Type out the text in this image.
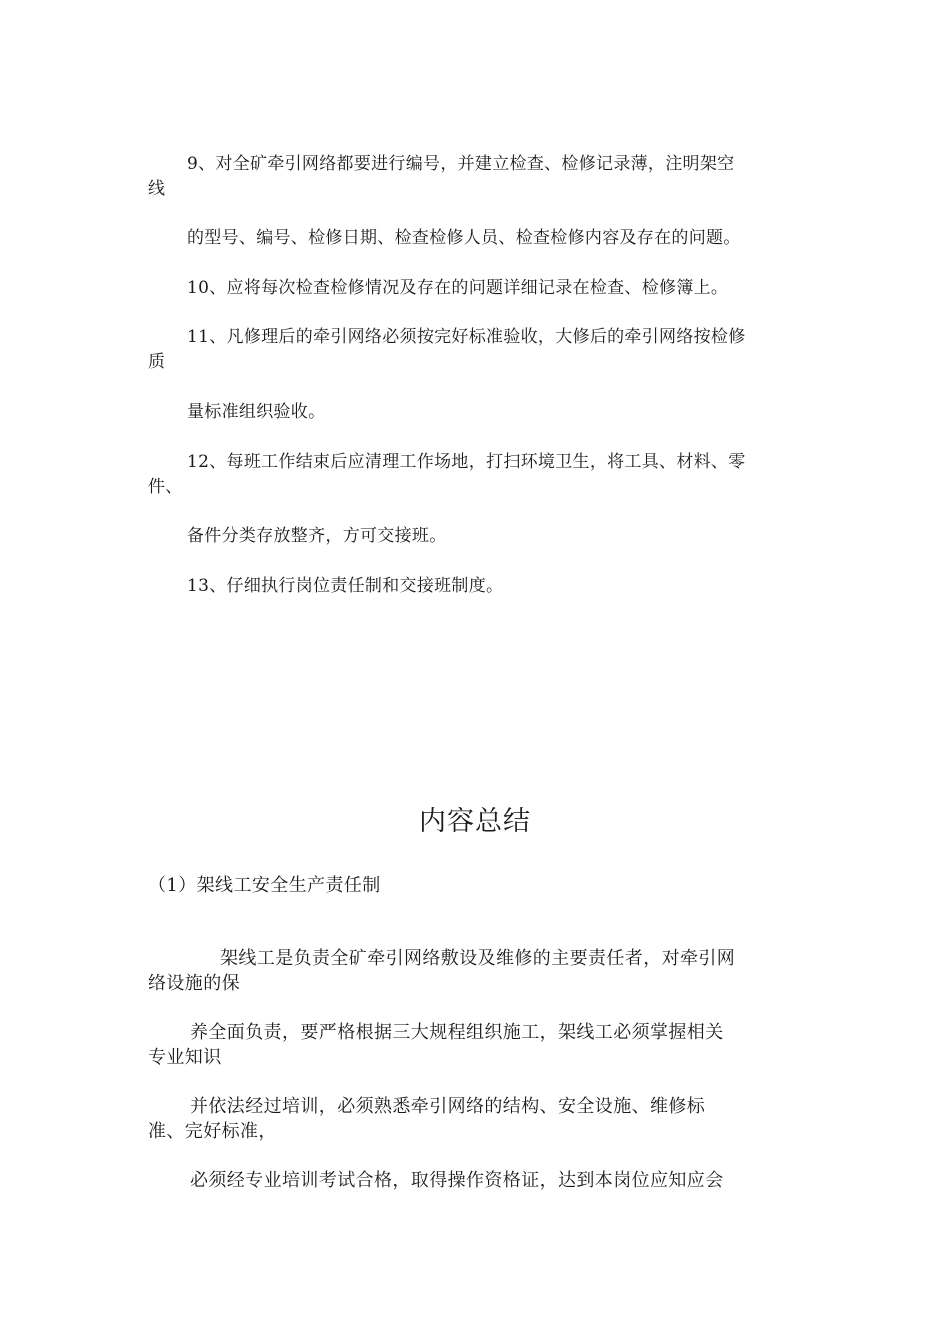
9、对全矿牵引网络都要进行编号，并建立检查、检修记录薄，注明架空
线
的型号、编号、检修日期、检查检修人员、检查检修内容及存在的问题。
10、应将每次检查检修情况及存在的问题详细记录在检查、检修簿上。
11、凡修理后的牵引网络必须按完好标准验收，大修后的牵引网络按检修
质
量标准组织验收。
12、每班工作结束后应清理工作场地，打扫环境卫生，将工具、材料、零
件、
备件分类存放整齐，方可交接班。
13、仔细执行岗位责任制和交接班制度。
内容总结
（1）架线工安全生产责任制
架线工是负责全矿牵引网络敷设及维修的主要责任者，对牵引网
络设施的保
养全面负责，要严格根据三大规程组织施工，架线工必须掌握相关
专业知识
并依法经过培训，必须熟悉牵引网络的结构、安全设施、维修标
准、完好标准，
必须经专业培训考试合格，取得操作资格证，达到本岗位应知应会
